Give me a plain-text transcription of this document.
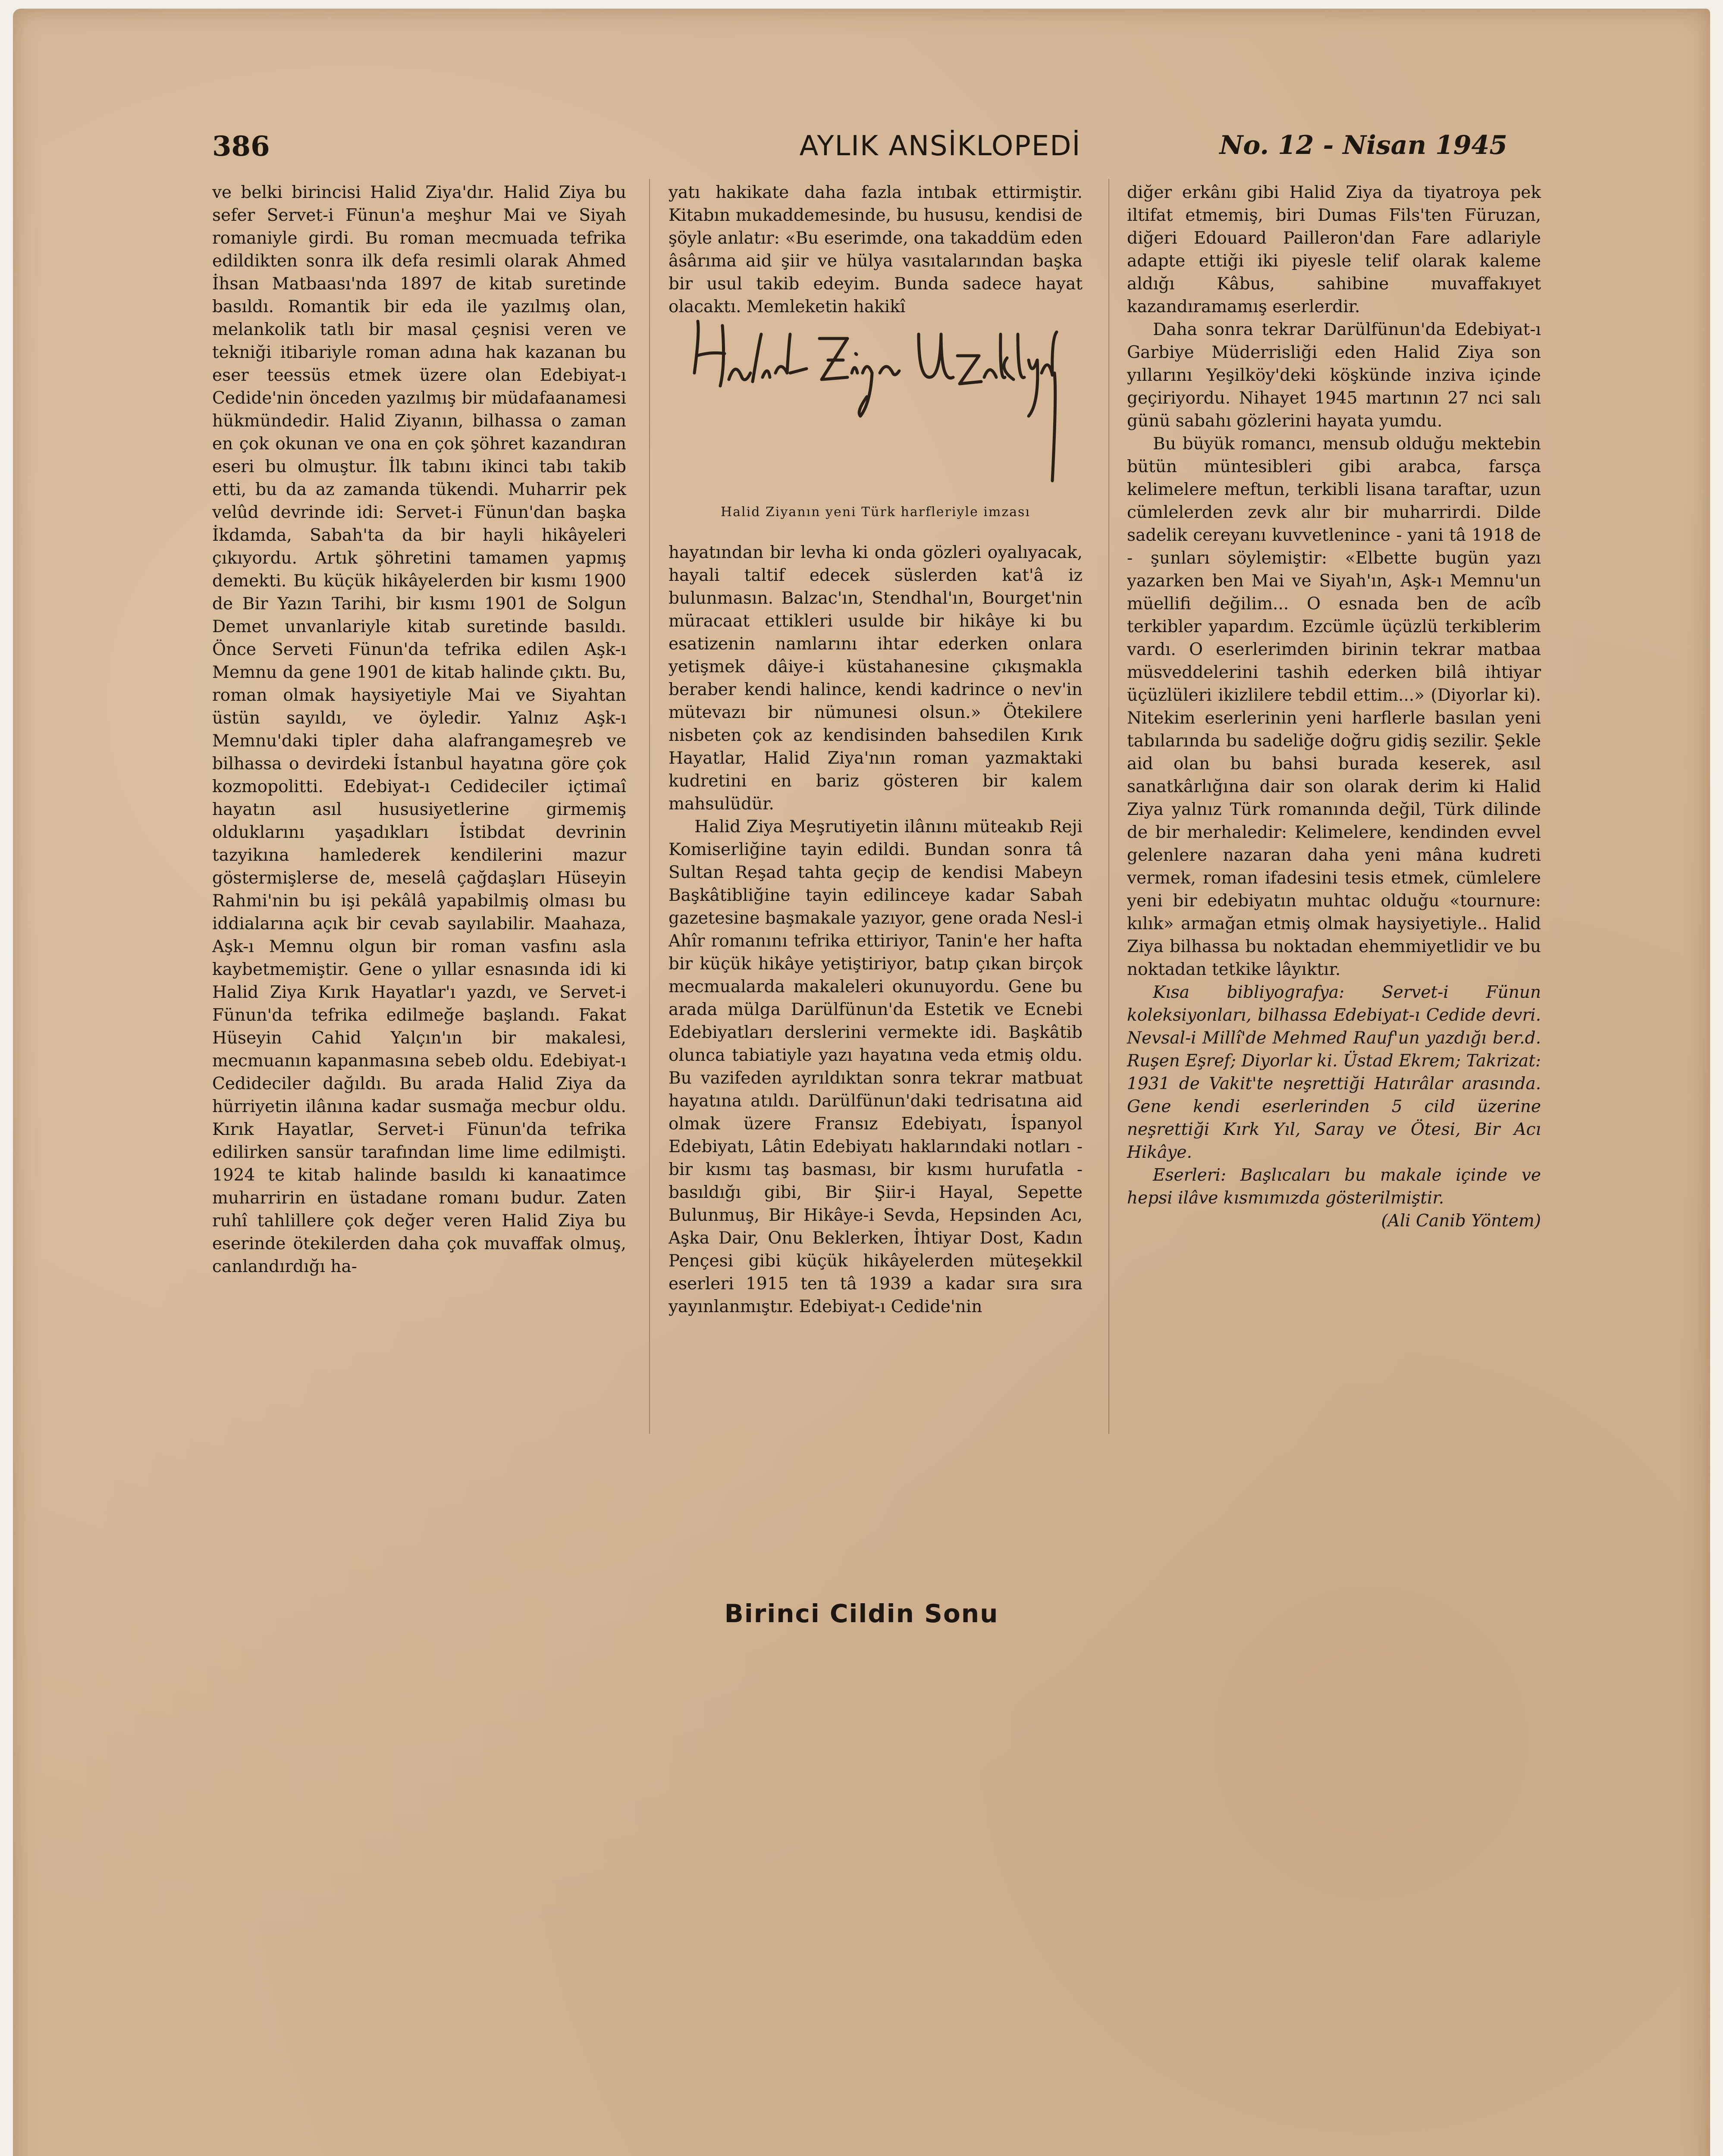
386	AYLIK ANSİKLOPEDİ	No. 12 - Nisan 1945

ve belki birincisi Halid Ziya'dır. Halid Ziya bu sefer Servet-i Fünun'a meşhur Mai ve Siyah romaniyle girdi. Bu roman mecmuada tefrika edildikten sonra ilk defa resimli olarak Ahmed İhsan Matbaası'nda 1897 de kitab suretinde basıldı. Romantik bir eda ile yazılmış olan, melankolik tatlı bir masal çeşnisi veren ve tekniği itibariyle roman adına hak kazanan bu eser teessüs etmek üzere olan Edebiyat-ı Cedide'nin önceden yazılmış bir müdafaanamesi hükmündedir. Halid Ziyanın, bilhassa o zaman en çok okunan ve ona en çok şöhret kazandıran eseri bu olmuştur. İlk tabını ikinci tabı takib etti, bu da az zamanda tükendi. Muharrir pek velûd devrinde idi: Servet-i Fünun'dan başka İkdamda, Sabah'ta da bir hayli hikâyeleri çıkıyordu. Artık şöhretini tamamen yapmış demekti. Bu küçük hikâyelerden bir kısmı 1900 de Bir Yazın Tarihi, bir kısmı 1901 de Solgun Demet unvanlariyle kitab suretinde basıldı. Önce Serveti Fünun'da tefrika edilen Aşk-ı Memnu da gene 1901 de kitab halinde çıktı. Bu, roman olmak haysiyetiyle Mai ve Siyahtan üstün sayıldı, ve öyledir. Yalnız Aşk-ı Memnu'daki tipler daha alafrangameşreb ve bilhassa o devirdeki İstanbul hayatına göre çok kozmopolitti. Edebiyat-ı Cedideciler içtimaî hayatın asıl hususiyetlerine girmemiş olduklarını yaşadıkları İstibdat devrinin tazyikına hamlederek kendilerini mazur göstermişlerse de, meselâ çağdaşları Hüseyin Rahmi'nin bu işi pekâlâ yapabilmiş olması bu iddialarına açık bir cevab sayılabilir. Maahaza, Aşk-ı Memnu olgun bir roman vasfını asla kaybetmemiştir. Gene o yıllar esnasında idi ki Halid Ziya Kırık Hayatlar'ı yazdı, ve Servet-i Fünun'da tefrika edilmeğe başlandı. Fakat Hüseyin Cahid Yalçın'ın bir makalesi, mecmuanın kapanmasına sebeb oldu. Edebiyat-ı Cedideciler dağıldı. Bu arada Halid Ziya da hürriyetin ilânına kadar susmağa mecbur oldu. Kırık Hayatlar, Servet-i Fünun'da tefrika edilirken sansür tarafından lime lime edilmişti. 1924 te kitab halinde basıldı ki kanaatimce muharririn en üstadane romanı budur. Zaten ruhî tahlillere çok değer veren Halid Ziya bu eserinde ötekilerden daha çok muvaffak olmuş, canlandırdığı ha-

yatı hakikate daha fazla intıbak ettirmiştir. Kitabın mukaddemesinde, bu hususu, kendisi de şöyle anlatır: «Bu eserimde, ona takaddüm eden âsârıma aid şiir ve hülya vasıtalarından başka bir usul takib edeyim. Bunda sadece hayat olacaktı. Memleketin hakikî

hayatından bir levha ki onda gözleri oyalıyacak, hayali taltif edecek süslerden kat'â iz bulunmasın. Balzac'ın, Stendhal'ın, Bourget'nin müracaat ettikleri usulde bir hikâye ki bu esatizenin namlarını ihtar ederken onlara yetişmek dâiye-i küstahanesine çıkışmakla beraber kendi halince, kendi kadrince o nev'in mütevazı bir nümunesi olsun.» Ötekilere nisbeten çok az kendisinden bahsedilen Kırık Hayatlar, Halid Ziya'nın roman yazmaktaki kudretini en bariz gösteren bir kalem mahsulüdür.

Halid Ziya Meşrutiyetin ilânını müteakıb Reji Komiserliğine tayin edildi. Bundan sonra tâ Sultan Reşad tahta geçip de kendisi Mabeyn Başkâtibliğine tayin edilinceye kadar Sabah gazetesine başmakale yazıyor, gene orada Nesl-i Ahîr romanını tefrika ettiriyor, Tanin'e her hafta bir küçük hikâye yetiştiriyor, batıp çıkan birçok mecmualarda makaleleri okunuyordu. Gene bu arada mülga Darülfünun'da Estetik ve Ecnebi Edebiyatları derslerini vermekte idi. Başkâtib olunca tabiatiyle yazı hayatına veda etmiş oldu. Bu vazifeden ayrıldıktan sonra tekrar matbuat hayatına atıldı. Darülfünun'daki tedrisatına aid olmak üzere Fransız Edebiyatı, İspanyol Edebiyatı, Lâtin Edebiyatı haklarındaki notları - bir kısmı taş basması, bir kısmı hurufatla - basıldığı gibi, Bir Şiir-i Hayal, Sepette Bulunmuş, Bir Hikâye-i Sevda, Hepsinden Acı, Aşka Dair, Onu Beklerken, İhtiyar Dost, Kadın Pençesi gibi küçük hikâyelerden müteşekkil eserleri 1915 ten tâ 1939 a kadar sıra sıra yayınlanmıştır. Edebiyat-ı Cedide'nin

Halid Ziyanın yeni Türk harfleriyle imzası

diğer erkânı gibi Halid Ziya da tiyatroya pek iltifat etmemiş, biri Dumas Fils'ten Füruzan, diğeri Edouard Pailleron'dan Fare adlariyle adapte ettiği iki piyesle telif olarak kaleme aldığı Kâbus, sahibine muvaffakıyet kazandıramamış eserlerdir.

Daha sonra tekrar Darülfünun'da Edebiyat-ı Garbiye Müderrisliği eden Halid Ziya son yıllarını Yeşilköy'deki köşkünde inziva içinde geçiriyordu. Nihayet 1945 martının 27 nci salı günü sabahı gözlerini hayata yumdu.

Bu büyük romancı, mensub olduğu mektebin bütün müntesibleri gibi arabca, farsça kelimelere meftun, terkibli lisana taraftar, uzun cümlelerden zevk alır bir muharrirdi. Dilde sadelik cereyanı kuvvetlenince - yani tâ 1918 de - şunları söylemiştir: «Elbette bugün yazı yazarken ben Mai ve Siyah'ın, Aşk-ı Memnu'un müellifi değilim... O esnada ben de acîb terkibler yapardım. Ezcümle üçüzlü terkiblerim vardı. O eserlerimden birinin tekrar matbaa müsveddelerini tashih ederken bilâ ihtiyar üçüzlüleri ikizlilere tebdil ettim...» (Diyorlar ki). Nitekim eserlerinin yeni harflerle basılan yeni tabılarında bu sadeliğe doğru gidiş sezilir. Şekle aid olan bu bahsi burada keserek, asıl sanatkârlığına dair son olarak derim ki Halid Ziya yalnız Türk romanında değil, Türk dilinde de bir merhaledir: Kelimelere, kendinden evvel gelenlere nazaran daha yeni mâna kudreti vermek, roman ifadesini tesis etmek, cümlelere yeni bir edebiyatın muhtac olduğu «tournure: kılık» armağan etmiş olmak haysiyetiyle.. Halid Ziya bilhassa bu noktadan ehemmiyetlidir ve bu noktadan tetkike lâyıktır.

Kısa bibliyografya: Servet-i Fünun koleksiyonları, bilhassa Edebiyat-ı Cedide devri. Nevsal-i Millî'de Mehmed Rauf'un yazdığı ber.d. Ruşen Eşref; Diyorlar ki. Üstad Ekrem; Takrizat: 1931 de Vakit'te neşrettiği Hatırâlar arasında. Gene kendi eserlerinden 5 cild üzerine neşrettiği Kırk Yıl, Saray ve Ötesi, Bir Acı Hikâye.

Eserleri: Başlıcaları bu makale içinde ve hepsi ilâve kısmımızda gösterilmiştir.

(Ali Canib Yöntem)

Birinci Cildin Sonu
